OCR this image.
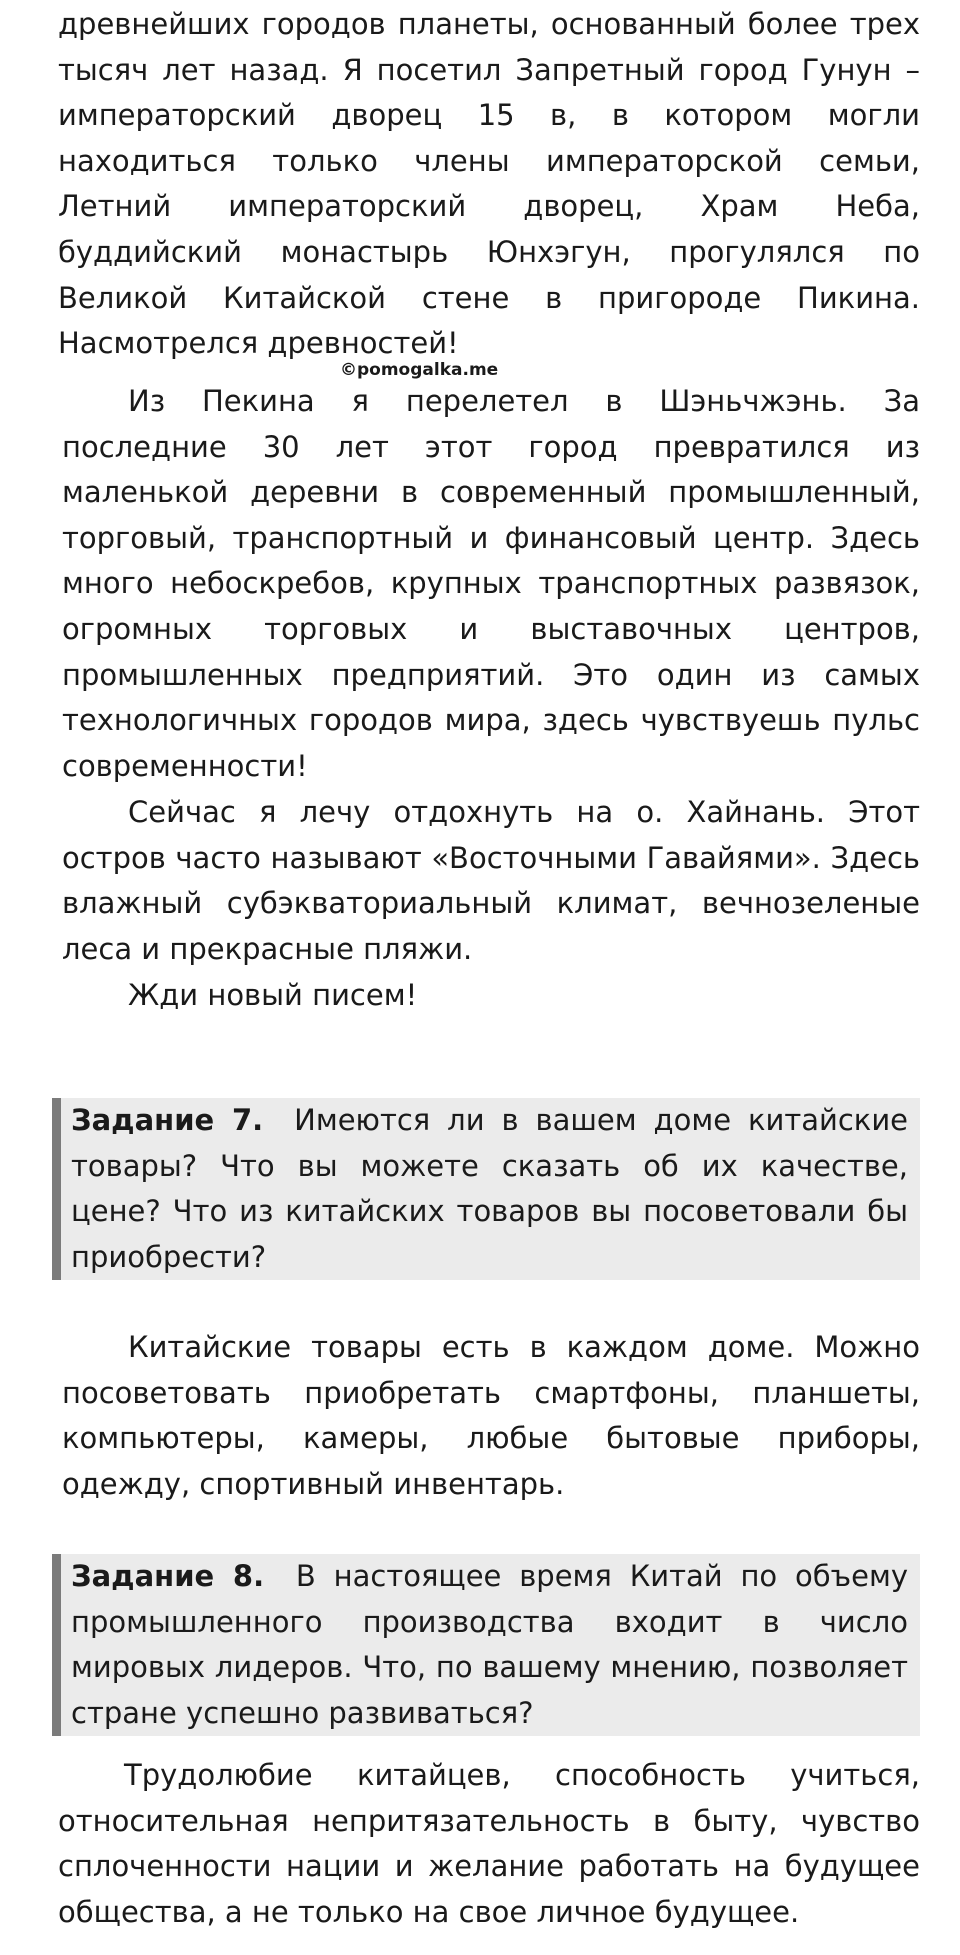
древнейших городов планеты, основанный более трех тысяч лет назад. Я посетил Запретный город Гунун – императорский дворец 15 в, в котором могли находиться только члены императорской семьи, Летний императорский дворец, Храм Неба, буддийский монастырь Юнхэгун, прогулялся по Великой Китайской стене в пригороде Пикина. Насмотрелся древностей!
©pomogalka.me
Из Пекина я перелетел в Шэньчжэнь. За последние 30 лет этот город превратился из маленькой деревни в современный промышленный, торговый, транспортный и финансовый центр. Здесь много небоскребов, крупных транспортных развязок, огромных торговых и выставочных центров, промышленных предприятий. Это один из самых технологичных городов мира, здесь чувствуешь пульс современности!
Сейчас я лечу отдохнуть на о. Хайнань. Этот остров часто называют «Восточными Гавайями». Здесь влажный субэкваториальный климат, вечнозеленые леса и прекрасные пляжи.
Жди новый писем!
Задание 7. Имеются ли в вашем доме китайские товары? Что вы можете сказать об их качестве, цене? Что из китайских товаров вы посоветовали бы приобрести?
Китайские товары есть в каждом доме. Можно посоветовать приобретать смартфоны, планшеты, компьютеры, камеры, любые бытовые приборы, одежду, спортивный инвентарь.
Задание 8. В настоящее время Китай по объему промышленного производства входит в число мировых лидеров. Что, по вашему мнению, позволяет стране успешно развиваться?
Трудолюбие китайцев, способность учиться, относительная непритязательность в быту, чувство сплоченности нации и желание работать на будущее общества, а не только на свое личное будущее.
